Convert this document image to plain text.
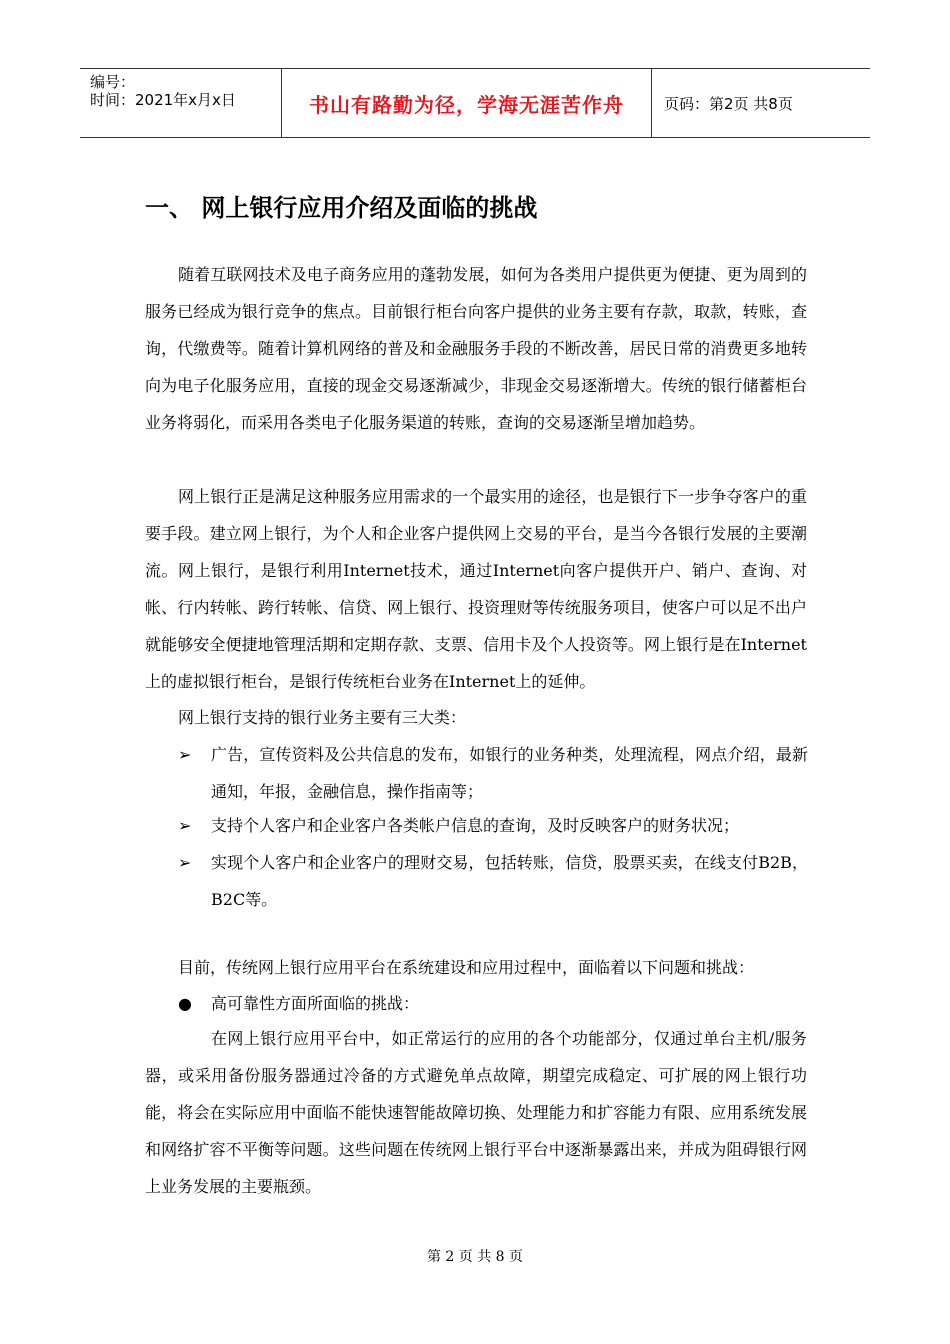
编号：
时间：2021年x月x日	书山有路勤为径，学海无涯苦作舟	页码：第2页 共8页
一、 网上银行应用介绍及面临的挑战
随着互联网技术及电子商务应用的蓬勃发展，如何为各类用户提供更为便捷、更为周到的服务已经成为银行竞争的焦点。目前银行柜台向客户提供的业务主要有存款，取款，转账，查询，代缴费等。随着计算机网络的普及和金融服务手段的不断改善，居民日常的消费更多地转向为电子化服务应用，直接的现金交易逐渐减少，非现金交易逐渐增大。传统的银行储蓄柜台业务将弱化，而采用各类电子化服务渠道的转账，查询的交易逐渐呈增加趋势。
网上银行正是满足这种服务应用需求的一个最实用的途径，也是银行下一步争夺客户的重要手段。建立网上银行，为个人和企业客户提供网上交易的平台，是当今各银行发展的主要潮流。网上银行，是银行利用Internet技术，通过Internet向客户提供开户、销户、查询、对帐、行内转帐、跨行转帐、信贷、网上银行、投资理财等传统服务项目，使客户可以足不出户就能够安全便捷地管理活期和定期存款、支票、信用卡及个人投资等。网上银行是在Internet上的虚拟银行柜台，是银行传统柜台业务在Internet上的延伸。
网上银行支持的银行业务主要有三大类：
➢	广告，宣传资料及公共信息的发布，如银行的业务种类，处理流程，网点介绍，最新通知，年报，金融信息，操作指南等；
➢	支持个人客户和企业客户各类帐户信息的查询，及时反映客户的财务状况；
➢	实现个人客户和企业客户的理财交易，包括转账，信贷，股票买卖，在线支付B2B，B2C等。
目前，传统网上银行应用平台在系统建设和应用过程中，面临着以下问题和挑战：
●	高可靠性方面所面临的挑战：
在网上银行应用平台中，如正常运行的应用的各个功能部分，仅通过单台主机/服务器，或采用备份服务器通过冷备的方式避免单点故障，期望完成稳定、可扩展的网上银行功能，将会在实际应用中面临不能快速智能故障切换、处理能力和扩容能力有限、应用系统发展和网络扩容不平衡等问题。这些问题在传统网上银行平台中逐渐暴露出来，并成为阻碍银行网上业务发展的主要瓶颈。
第 2 页 共 8 页
